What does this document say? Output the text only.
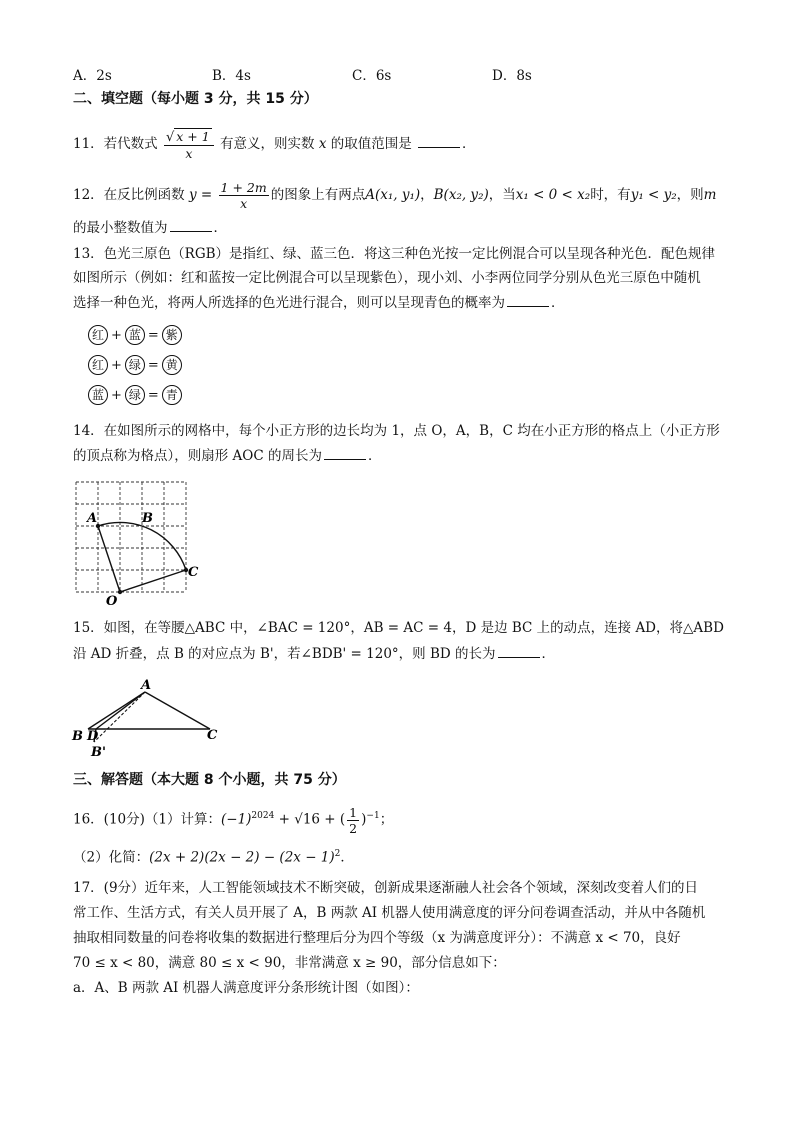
A．2s	B．4s	C．6s	D．8s
二、填空题（每小题 3 分，共 15 分）
11．若代数式 $\frac{√ x + 1}{x}$ 有意义，则实数 x 的取值范围是	．
12．在反比例函数 $y = \frac{1 + 2m}{x}$ 的图象上有两点A(x₁, y₁)，B(x₂, y₂)，当x₁ < 0 < x₂时，有y₁ < y₂，则m
的最小整数值为	．
13．色光三原色（RGB）是指红、绿、蓝三色．将这三种色光按一定比例混合可以呈现各种光色．配色规律
如图所示（例如：红和蓝按一定比例混合可以呈现紫色），现小刘、小李两位同学分别从色光三原色中随机
选择一种色光，将两人所选择的色光进行混合，则可以呈现青色的概率为	．
红 + 蓝 = 紫
红 + 绿 = 黄
蓝 + 绿 = 青
14．在如图所示的网格中，每个小正方形的边长均为 1，点 O，A，B，C 均在小正方形的格点上（小正方形
的顶点称为格点），则扇形 AOC 的周长为	．
A	B
C
O
15．如图，在等腰△ABC 中，∠BAC = 120°，AB = AC = 4，D 是边 BC 上的动点，连接 AD，将△ABD
沿 AD 折叠，点 B 的对应点为 B'，若∠BDB' = 120°，则 BD 的长为	．
A
B D
B'
C
三、解答题（本大题 8 个小题，共 75 分）
16．(10分)（1）计算：$(-1)^{2024} + √16$ + ( $\frac{1}{2} )^{-1}$；
（2）化简：$(2x + 2)(2x - 2) - (2x - 1)^2$．
17．(9分）近年来，人工智能领域技术不断突破，创新成果逐渐融人社会各个领域，深刻改变着人们的日
常工作、生活方式，有关人员开展了 A，B 两款 AI 机器人使用满意度的评分问卷调查活动，并从中各随机
抽取相同数量的问卷将收集的数据进行整理后分为四个等级（x 为满意度评分）：不满意 x < 70，良好
70 ≤ x < 80，满意 80 ≤ x < 90，非常满意 x ≥ 90，部分信息如下：
a．A、B 两款 AI 机器人满意度评分条形统计图（如图）：
